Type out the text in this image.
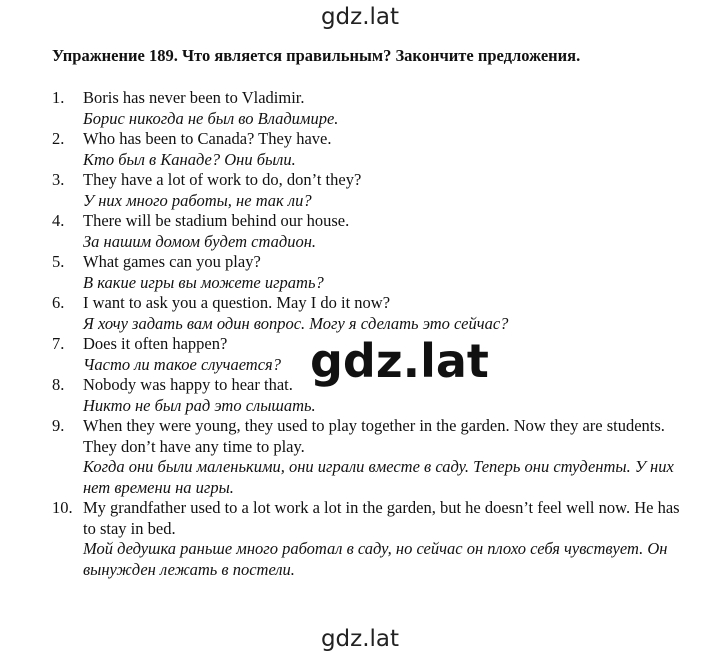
gdz.lat
Упражнение 189. Что является правильным? Закончите предложения.
1.	Boris has never been to Vladimir.
Борис никогда не был во Владимире.
2.	Who has been to Canada? They have.
Кто был в Канаде? Они были.
3.	They have a lot of work to do, don’t they?
У них много работы, не так ли?
4.	There will be stadium behind our house.
За нашим домом будет стадион.
5.	What games can you play?
В какие игры вы можете играть?
6.	I want to ask you a question. May I do it now?
Я хочу задать вам один вопрос. Могу я сделать это сейчас?
7.	Does it often happen?
Часто ли такое случается?
8.	Nobody was happy to hear that.
Никто не был рад это слышать.
9.	When they were young, they used to play together in the garden. Now they are students. They don’t have any time to play.
Когда они были маленькими, они играли вместе в саду. Теперь они студенты. У них нет времени на игры.
10. My grandfather used to a lot work a lot in the garden, but he doesn’t feel well now. He has to stay in bed.
Мой дедушка раньше много работал в саду, но сейчас он плохо себя чувствует. Он вынужден лежать в постели.
gdz.lat
gdz.lat
